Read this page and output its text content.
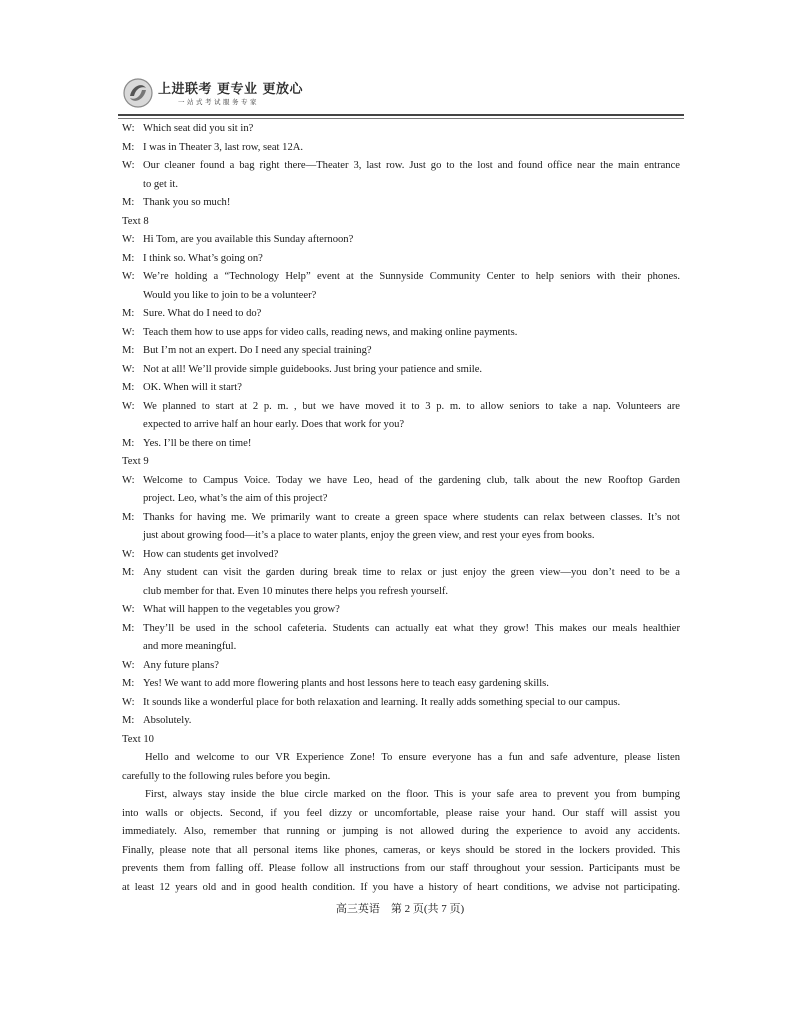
上进联考 更专业 更放心
一站式考试服务专家
W: Which seat did you sit in?
M: I was in Theater 3, last row, seat 12A.
W: Our cleaner found a bag right there—Theater 3, last row. Just go to the lost and found office near the main entrance
to get it.
M: Thank you so much!
Text 8
W: Hi Tom, are you available this Sunday afternoon?
M: I think so. What’s going on?
W: We’re holding a “Technology Help” event at the Sunnyside Community Center to help seniors with their phones.
Would you like to join to be a volunteer?
M: Sure. What do I need to do?
W: Teach them how to use apps for video calls, reading news, and making online payments.
M: But I’m not an expert. Do I need any special training?
W: Not at all! We’ll provide simple guidebooks. Just bring your patience and smile.
M: OK. When will it start?
W: We planned to start at 2 p. m. , but we have moved it to 3 p. m. to allow seniors to take a nap. Volunteers are
expected to arrive half an hour early. Does that work for you?
M: Yes. I’ll be there on time!
Text 9
W: Welcome to Campus Voice. Today we have Leo, head of the gardening club, talk about the new Rooftop Garden
project. Leo, what’s the aim of this project?
M: Thanks for having me. We primarily want to create a green space where students can relax between classes. It’s not
just about growing food—it’s a place to water plants, enjoy the green view, and rest your eyes from books.
W: How can students get involved?
M: Any student can visit the garden during break time to relax or just enjoy the green view—you don’t need to be a
club member for that. Even 10 minutes there helps you refresh yourself.
W: What will happen to the vegetables you grow?
M: They’ll be used in the school cafeteria. Students can actually eat what they grow! This makes our meals healthier
and more meaningful.
W: Any future plans?
M: Yes! We want to add more flowering plants and host lessons here to teach easy gardening skills.
W: It sounds like a wonderful place for both relaxation and learning. It really adds something special to our campus.
M: Absolutely.
Text 10
Hello and welcome to our VR Experience Zone! To ensure everyone has a fun and safe adventure, please listen
carefully to the following rules before you begin.
First, always stay inside the blue circle marked on the floor. This is your safe area to prevent you from bumping
into walls or objects. Second, if you feel dizzy or uncomfortable, please raise your hand. Our staff will assist you
immediately. Also, remember that running or jumping is not allowed during the experience to avoid any accidents.
Finally, please note that all personal items like phones, cameras, or keys should be stored in the lockers provided. This
prevents them from falling off. Please follow all instructions from our staff throughout your session. Participants must be
at least 12 years old and in good health condition. If you have a history of heart conditions, we advise not participating.
高三英语　第 2 页(共 7 页)
